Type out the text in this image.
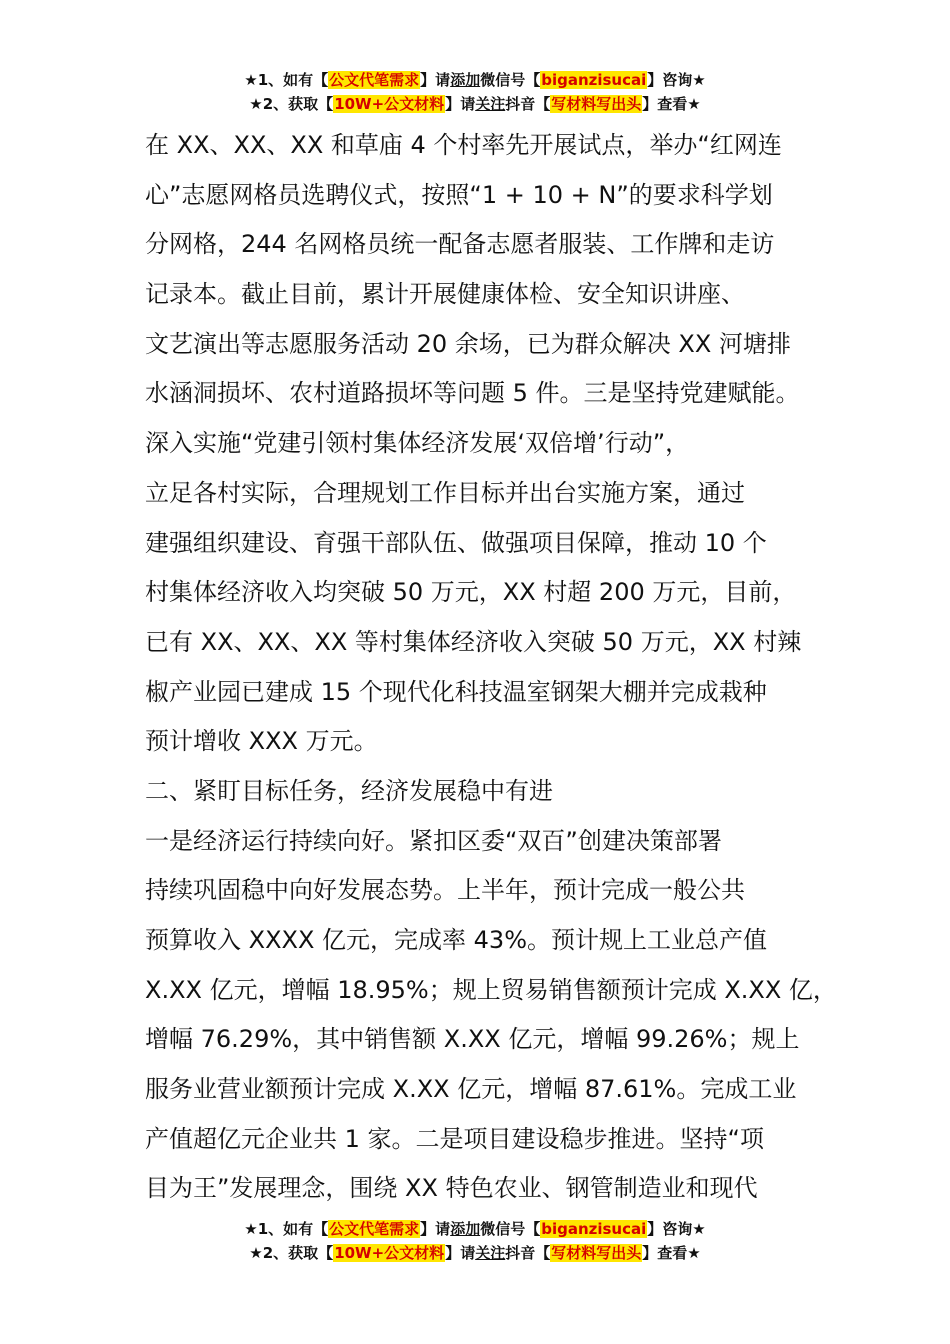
★1、如有【公文代笔需求】请添加微信号【biganzisucai】咨询★
★2、获取【10W+公文材料】请关注抖音【写材料写出头】查看★
在 XX、XX、XX 和草庙 4 个村率先开展试点，举办“红网连
心”志愿网格员选聘仪式，按照“1 + 10 + N”的要求科学划
分网格，244 名网格员统一配备志愿者服装、工作牌和走访
记录本。截止目前，累计开展健康体检、安全知识讲座、
文艺演出等志愿服务活动 20 余场，已为群众解决 XX 河塘排
水涵洞损坏、农村道路损坏等问题 5 件。三是坚持党建赋能。
深入实施“党建引领村集体经济发展‘双倍增’行动”，
立足各村实际，合理规划工作目标并出台实施方案，通过
建强组织建设、育强干部队伍、做强项目保障，推动 10 个
村集体经济收入均突破 50 万元，XX 村超 200 万元，目前，
已有 XX、XX、XX 等村集体经济收入突破 50 万元，XX 村辣
椒产业园已建成 15 个现代化科技温室钢架大棚并完成栽种
预计增收 XXX 万元。
二、紧盯目标任务，经济发展稳中有进
一是经济运行持续向好。紧扣区委“双百”创建决策部署
持续巩固稳中向好发展态势。上半年，预计完成一般公共
预算收入 XXXX 亿元，完成率 43%。预计规上工业总产值
X.XX 亿元，增幅 18.95%；规上贸易销售额预计完成 X.XX 亿，
增幅 76.29%，其中销售额 X.XX 亿元，增幅 99.26%；规上
服务业营业额预计完成 X.XX 亿元，增幅 87.61%。完成工业
产值超亿元企业共 1 家。二是项目建设稳步推进。坚持“项
目为王”发展理念，围绕 XX 特色农业、钢管制造业和现代
★1、如有【公文代笔需求】请添加微信号【biganzisucai】咨询★
★2、获取【10W+公文材料】请关注抖音【写材料写出头】查看★
